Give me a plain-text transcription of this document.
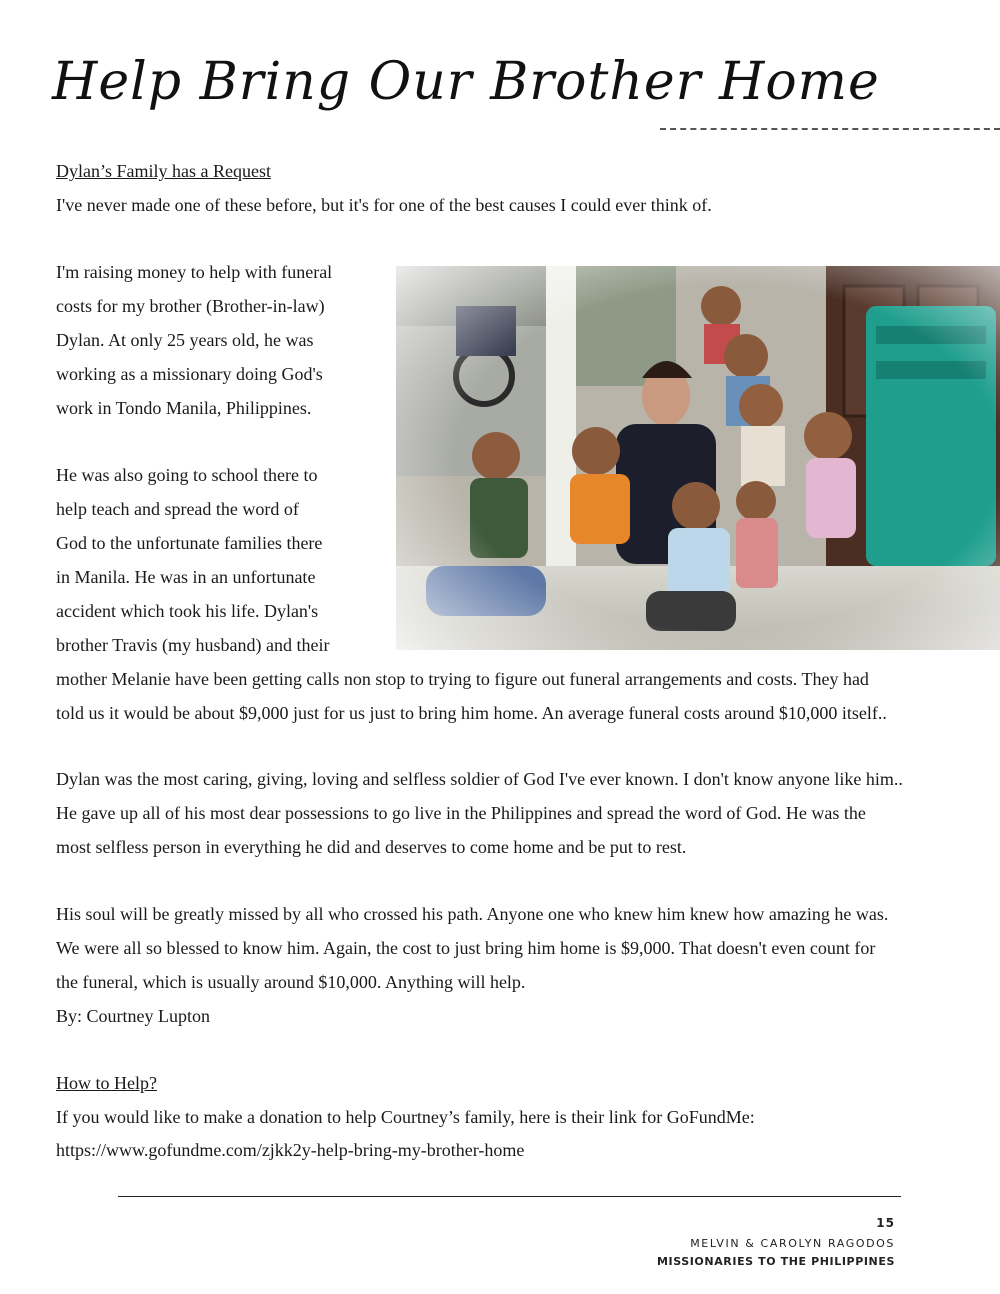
Help Bring Our Brother Home

Dylan’s Family has a Request

I've never made one of these before, but it's for one of the best causes I could ever think of.

I'm raising money to help with funeral
costs for my brother (Brother-in-law)
Dylan. At only 25 years old, he was
working as a missionary doing God's
work in Tondo Manila, Philippines.

He was also going to school there to
help teach and spread the word of
God to the unfortunate families there
in Manila. He was in an unfortunate
accident which took his life. Dylan's
brother Travis (my husband) and their
mother Melanie have been getting calls non stop to trying to figure out funeral arrangements and costs. They had
told us it would be about $9,000 just for us just to bring him home. An average funeral costs around $10,000 itself..

Dylan was the most caring, giving, loving and selfless soldier of God I've ever known. I don't know anyone like him..
He gave up all of his most dear possessions to go live in the Philippines and spread the word of God. He was the
most selfless person in everything he did and deserves to come home and be put to rest.

His soul will be greatly missed by all who crossed his path. Anyone one who knew him knew how amazing he was.
We were all so blessed to know him. Again, the cost to just bring him home is $9,000. That doesn't even count for
the funeral, which is usually around $10,000. Anything will help.
By: Courtney Lupton

How to Help?

If you would like to make a donation to help Courtney’s family, here is their link for GoFundMe:

https://www.gofundme.com/zjkk2y-help-bring-my-brother-home

15
MELVIN & CAROLYN RAGODOS
MISSIONARIES TO THE PHILIPPINES
